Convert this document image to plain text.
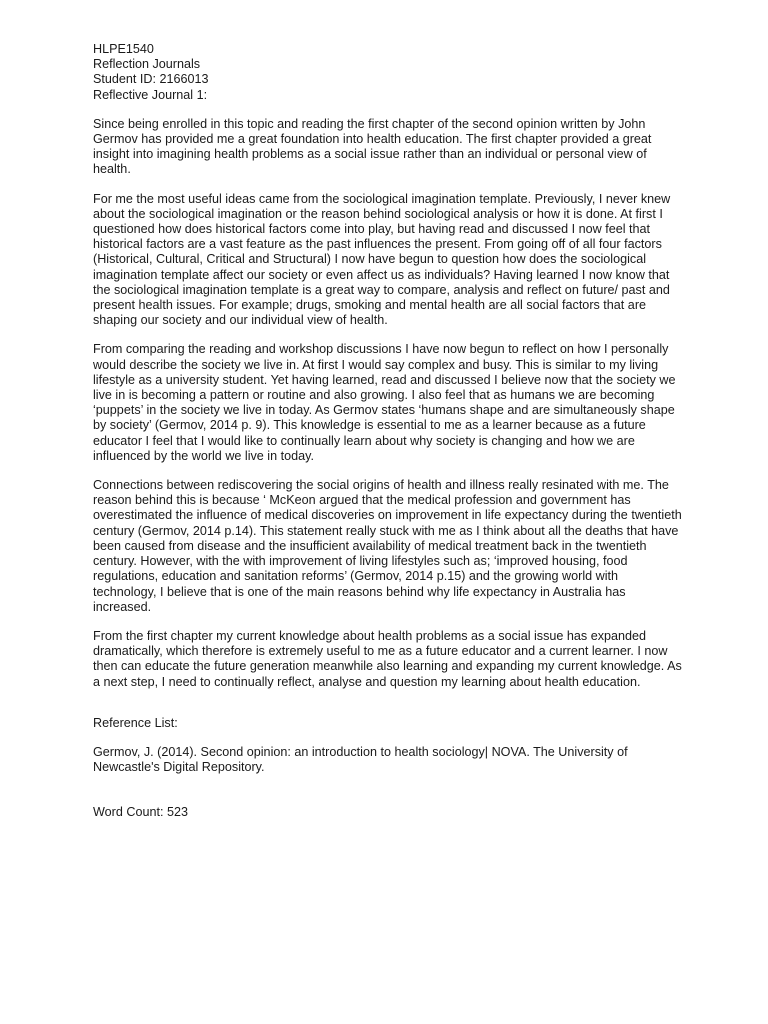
HLPE1540
Reflection Journals
Student ID: 2166013
Reflective Journal 1:

Since being enrolled in this topic and reading the first chapter of the second opinion written by John Germov has provided me a great foundation into health education. The first chapter provided a great insight into imagining health problems as a social issue rather than an individual or personal view of health.

For me the most useful ideas came from the sociological imagination template. Previously, I never knew about the sociological imagination or the reason behind sociological analysis or how it is done. At first I questioned how does historical factors come into play, but having read and discussed I now feel that historical factors are a vast feature as the past influences the present. From going off of all four factors (Historical, Cultural, Critical and Structural) I now have begun to question how does the sociological imagination template affect our society or even affect us as individuals? Having learned I now know that the sociological imagination template is a great way to compare, analysis and reflect on future/ past and present health issues. For example; drugs, smoking and mental health are all social factors that are shaping our society and our individual view of health.

From comparing the reading and workshop discussions I have now begun to reflect on how I personally would describe the society we live in. At first I would say complex and busy. This is similar to my living lifestyle as a university student. Yet having learned, read and discussed I believe now that the society we live in is becoming a pattern or routine and also growing. I also feel that as humans we are becoming ‘puppets’ in the society we live in today. As Germov states ‘humans shape and are simultaneously shape by society’ (Germov, 2014 p. 9). This knowledge is essential to me as a learner because as a future educator I feel that I would like to continually learn about why society is changing and how we are influenced by the world we live in today.

Connections between rediscovering the social origins of health and illness really resinated with me. The reason behind this is because ‘ McKeon argued that the medical profession and government has overestimated the influence of medical discoveries on improvement in life expectancy during the twentieth century (Germov, 2014 p.14). This statement really stuck with me as I think about all the deaths that have been caused from disease and the insufficient availability of medical treatment back in the twentieth century. However, with the with improvement of living lifestyles such as; ‘improved housing, food regulations, education and sanitation reforms’ (Germov, 2014 p.15) and the growing world with technology, I believe that is one of the main reasons behind why life expectancy in Australia has increased.

From the first chapter my current knowledge about health problems as a social issue has expanded dramatically, which therefore is extremely useful to me as a future educator and a current learner. I now then can educate the future generation meanwhile also learning and expanding my current knowledge. As a next step, I need to continually reflect, analyse and question my learning about health education.

Reference List:

Germov, J. (2014). Second opinion: an introduction to health sociology| NOVA. The University of Newcastle's Digital Repository.

Word Count: 523
